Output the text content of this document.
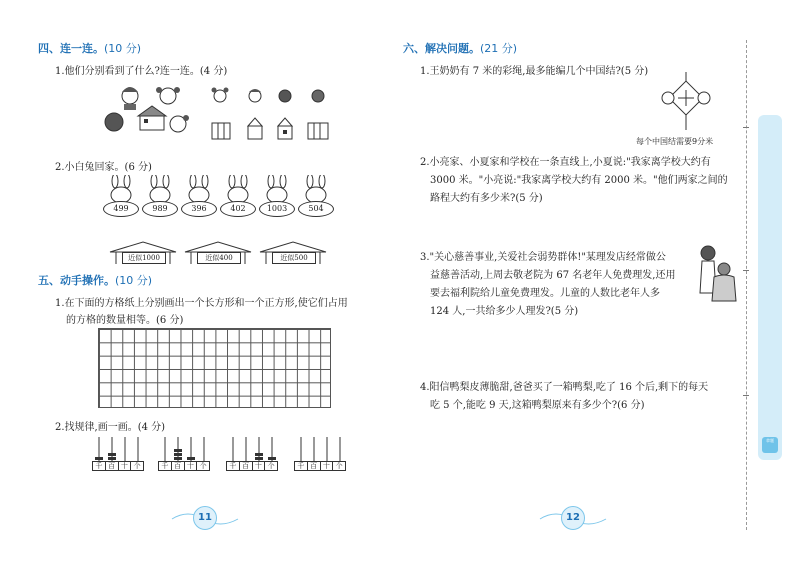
四、连一连。(10 分)
1.他们分别看到了什么?连一连。(4 分)
2.小白兔回家。(6 分)
499	989	396	402	1003	504
近似1000	近似400	近似500
五、动手操作。(10 分)
1.在下面的方格纸上分别画出一个长方形和一个正方形,使它们占用
的方格的数量相等。(6 分)
2.找规律,画一画。(4 分)
千 百 十 个	千 百 十 个	千 百 十 个	千 百 十 个
11
六、解决问题。(21 分)
1.王奶奶有 7 米的彩绳,最多能编几个中国结?(5 分)
每个中国结需要9分米
2.小亮家、小夏家和学校在一条直线上,小夏说:"我家离学校大约有
3000 米。"小亮说:"我家离学校大约有 2000 米。"他们两家之间的
路程大约有多少米?(5 分)
3."关心慈善事业,关爱社会弱势群体!"某理发店经常做公
益慈善活动,上周去敬老院为 67 名老年人免费理发,还用
要去福利院给儿童免费理发。儿童的人数比老年人多
124 人,一共给多少人理发?(5 分)
4.阳信鸭梨皮薄脆甜,爸爸买了一箱鸭梨,吃了 16 个后,剩下的每天
吃 5 个,能吃 9 天,这箱鸭梨原来有多少个?(6 分)
12
拿题
